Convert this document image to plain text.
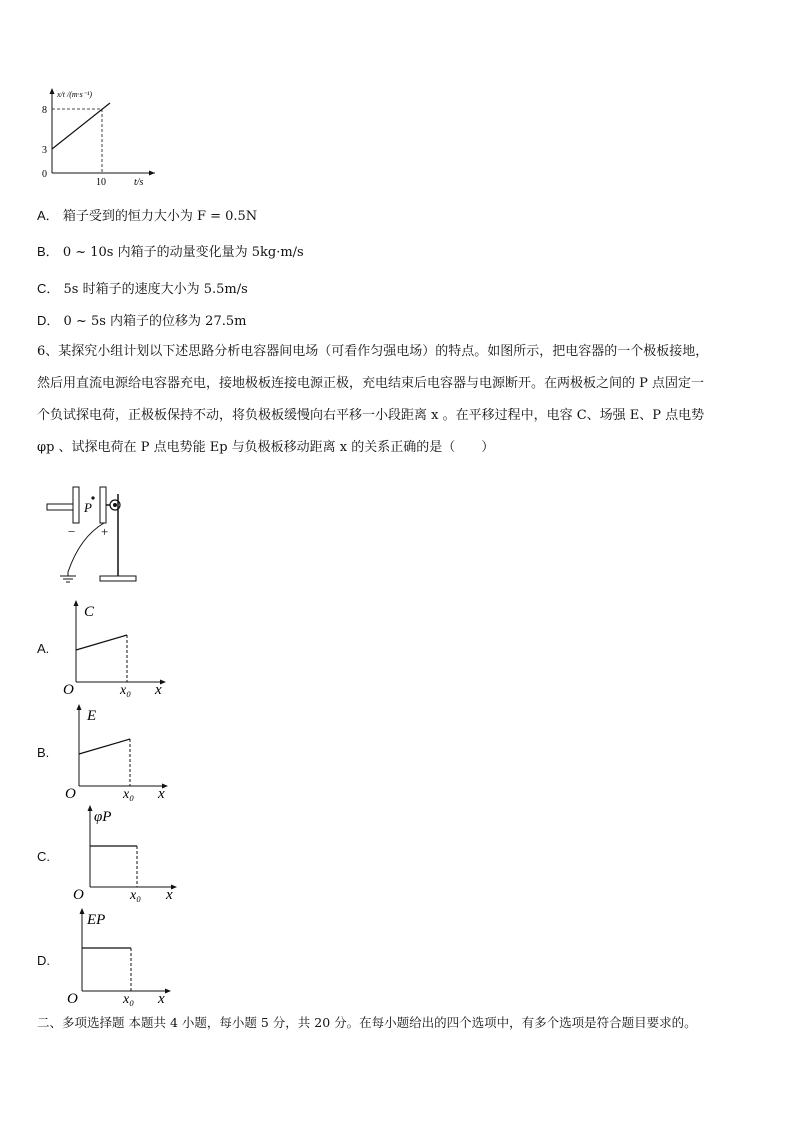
x/t /(m·s⁻¹)
8
3
0
10	t/s
A． 箱子受到的恒力大小为 F = 0.5N
B． 0 ~ 10s 内箱子的动量变化量为 5kg·m/s
C． 5s 时箱子的速度大小为 5.5m/s
D． 0 ~ 5s 内箱子的位移为 27.5m
6、某探究小组计划以下述思路分析电容器间电场（可看作匀强电场）的特点。如图所示，把电容器的一个极板接地，
然后用直流电源给电容器充电，接地极板连接电源正极，充电结束后电容器与电源断开。在两极板之间的 P 点固定一
个负试探电荷，正极板保持不动，将负极板缓慢向右平移一小段距离 x 。在平移过程中，电容 C、场强 E、P 点电势
φp 、试探电荷在 P 点电势能 Ep 与负极板移动距离 x 的关系正确的是（　　）
P
− +
A.
C
O	x₀ x
B.
E
O	x₀ x
C.
φP
O	x₀ x
D.
EP
O	x₀ x
二、多项选择题 本题共 4 小题，每小题 5 分，共 20 分。在每小题给出的四个选项中，有多个选项是符合题目要求的。
